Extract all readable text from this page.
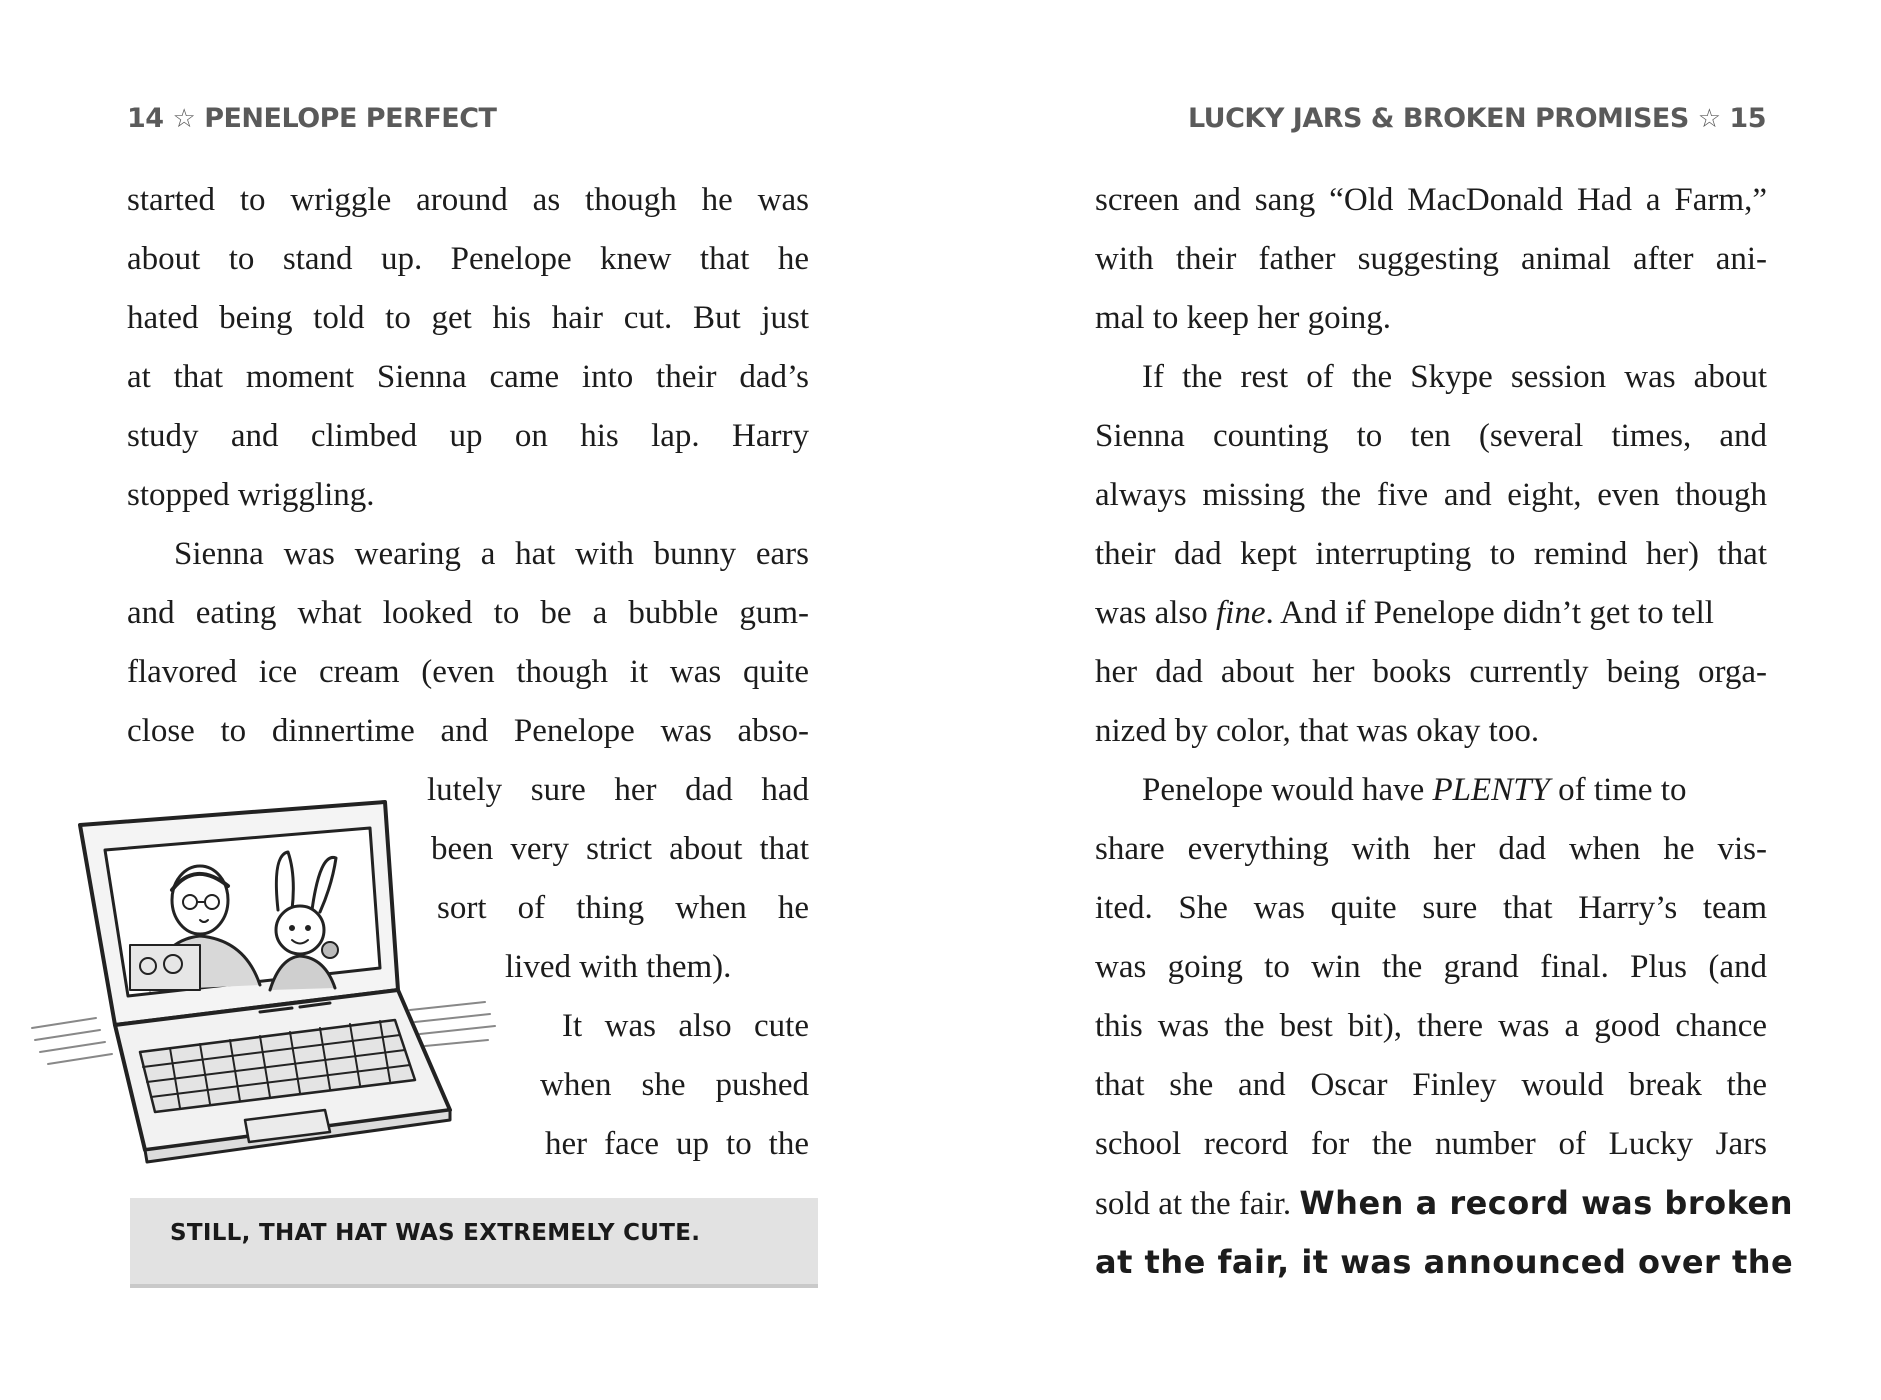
14 ☆ PENELOPE PERFECT
started to wriggle around as though he was
about to stand up. Penelope knew that he
hated being told to get his hair cut. But just
at that moment Sienna came into their dad’s
study and climbed up on his lap. Harry
stopped wriggling.
Sienna was wearing a hat with bunny ears
and eating what looked to be a bubble gum-
flavored ice cream (even though it was quite
close to dinnertime and Penelope was abso-
lutely sure her dad had
been very strict about that
sort of thing when he
lived with them).
It was also cute
when she pushed
her face up to the
STILL, THAT HAT WAS EXTREMELY CUTE.
LUCKY JARS & BROKEN PROMISES ☆ 15
screen and sang “Old MacDonald Had a Farm,”
with their father suggesting animal after ani-
mal to keep her going.
If the rest of the Skype session was about
Sienna counting to ten (several times, and
always missing the five and eight, even though
their dad kept interrupting to remind her) that
was also fine. And if Penelope didn’t get to tell
her dad about her books currently being orga-
nized by color, that was okay too.
Penelope would have PLENTY of time to
share everything with her dad when he vis-
ited. She was quite sure that Harry’s team
was going to win the grand final. Plus (and
this was the best bit), there was a good chance
that she and Oscar Finley would break the
school record for the number of Lucky Jars
sold at the fair. When a record was broken
at the fair, it was announced over the
